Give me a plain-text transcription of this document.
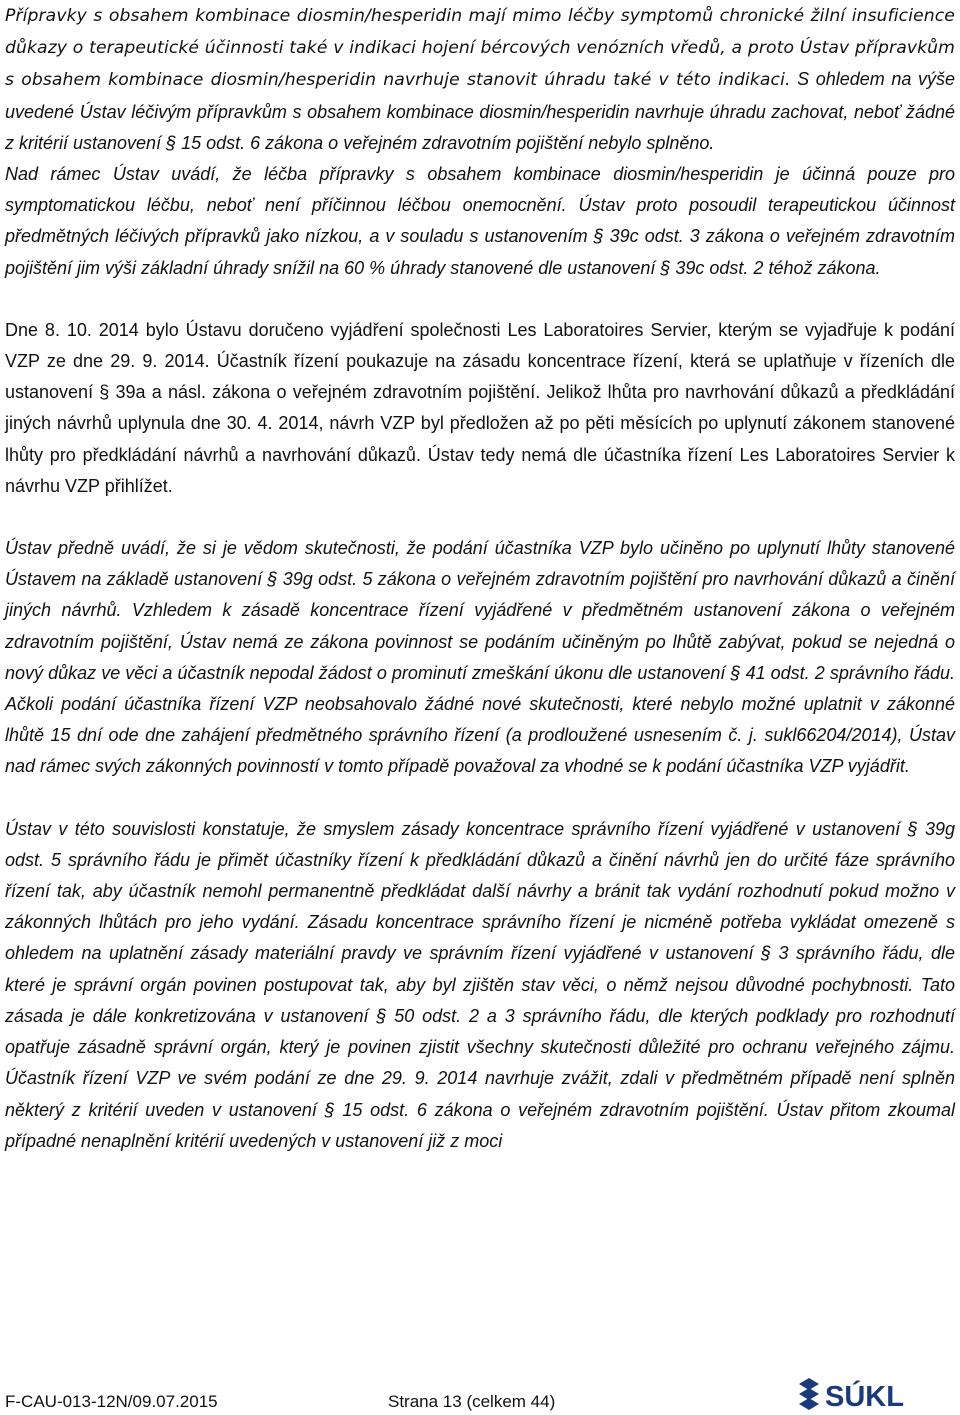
Přípravky s obsahem kombinace diosmin/hesperidin mají mimo léčby symptomů chronické žilní insuficience důkazy o terapeutické účinnosti také v indikaci hojení bércových venózních vředů, a proto Ústav přípravkům s obsahem kombinace diosmin/hesperidin navrhuje stanovit úhradu také v této indikaci. S ohledem na výše uvedené Ústav léčivým přípravkům s obsahem kombinace diosmin/hesperidin navrhuje úhradu zachovat, neboť žádné z kritérií ustanovení § 15 odst. 6 zákona o veřejném zdravotním pojištění nebylo splněno.

Nad rámec Ústav uvádí, že léčba přípravky s obsahem kombinace diosmin/hesperidin je účinná pouze pro symptomatickou léčbu, neboť není příčinnou léčbou onemocnění. Ústav proto posoudil terapeutickou účinnost předmětných léčivých přípravků jako nízkou, a v souladu s ustanovením § 39c odst. 3 zákona o veřejném zdravotním pojištění jim výši základní úhrady snížil na 60 % úhrady stanovené dle ustanovení § 39c odst. 2 téhož zákona.

Dne 8. 10. 2014 bylo Ústavu doručeno vyjádření společnosti Les Laboratoires Servier, kterým se vyjadřuje k podání VZP ze dne 29. 9. 2014. Účastník řízení poukazuje na zásadu koncentrace řízení, která se uplatňuje v řízeních dle ustanovení § 39a a násl. zákona o veřejném zdravotním pojištění. Jelikož lhůta pro navrhování důkazů a předkládání jiných návrhů uplynula dne 30. 4. 2014, návrh VZP byl předložen až po pěti měsících po uplynutí zákonem stanovené lhůty pro předkládání návrhů a navrhování důkazů. Ústav tedy nemá dle účastníka řízení Les Laboratoires Servier k návrhu VZP přihlížet.

Ústav předně uvádí, že si je vědom skutečnosti, že podání účastníka VZP bylo učiněno po uplynutí lhůty stanovené Ústavem na základě ustanovení § 39g odst. 5 zákona o veřejném zdravotním pojištění pro navrhování důkazů a činění jiných návrhů. Vzhledem k zásadě koncentrace řízení vyjádřené v předmětném ustanovení zákona o veřejném zdravotním pojištění, Ústav nemá ze zákona povinnost se podáním učiněným po lhůtě zabývat, pokud se nejedná o nový důkaz ve věci a účastník nepodal žádost o prominutí zmeškání úkonu dle ustanovení § 41 odst. 2 správního řádu. Ačkoli podání účastníka řízení VZP neobsahovalo žádné nové skutečnosti, které nebylo možné uplatnit v zákonné lhůtě 15 dní ode dne zahájení předmětného správního řízení (a prodloužené usnesením č. j. sukl66204/2014), Ústav nad rámec svých zákonných povinností v tomto případě považoval za vhodné se k podání účastníka VZP vyjádřit.

Ústav v této souvislosti konstatuje, že smyslem zásady koncentrace správního řízení vyjádřené v ustanovení § 39g odst. 5 správního řádu je přimět účastníky řízení k předkládání důkazů a činění návrhů jen do určité fáze správního řízení tak, aby účastník nemohl permanentně předkládat další návrhy a bránit tak vydání rozhodnutí pokud možno v zákonných lhůtách pro jeho vydání. Zásadu koncentrace správního řízení je nicméně potřeba vykládat omezeně s ohledem na uplatnění zásady materiální pravdy ve správním řízení vyjádřené v ustanovení § 3 správního řádu, dle které je správní orgán povinen postupovat tak, aby byl zjištěn stav věci, o němž nejsou důvodné pochybnosti. Tato zásada je dále konkretizována v ustanovení § 50 odst. 2 a 3 správního řádu, dle kterých podklady pro rozhodnutí opatřuje zásadně správní orgán, který je povinen zjistit všechny skutečnosti důležité pro ochranu veřejného zájmu. Účastník řízení VZP ve svém podání ze dne 29. 9. 2014 navrhuje zvážit, zdali v předmětném případě není splněn některý z kritérií uveden v ustanovení § 15 odst. 6 zákona o veřejném zdravotním pojištění. Ústav přitom zkoumal případné nenaplnění kritérií uvedených v ustanovení již z moci

F-CAU-013-12N/09.07.2015	Strana 13 (celkem 44)	SÚKL
